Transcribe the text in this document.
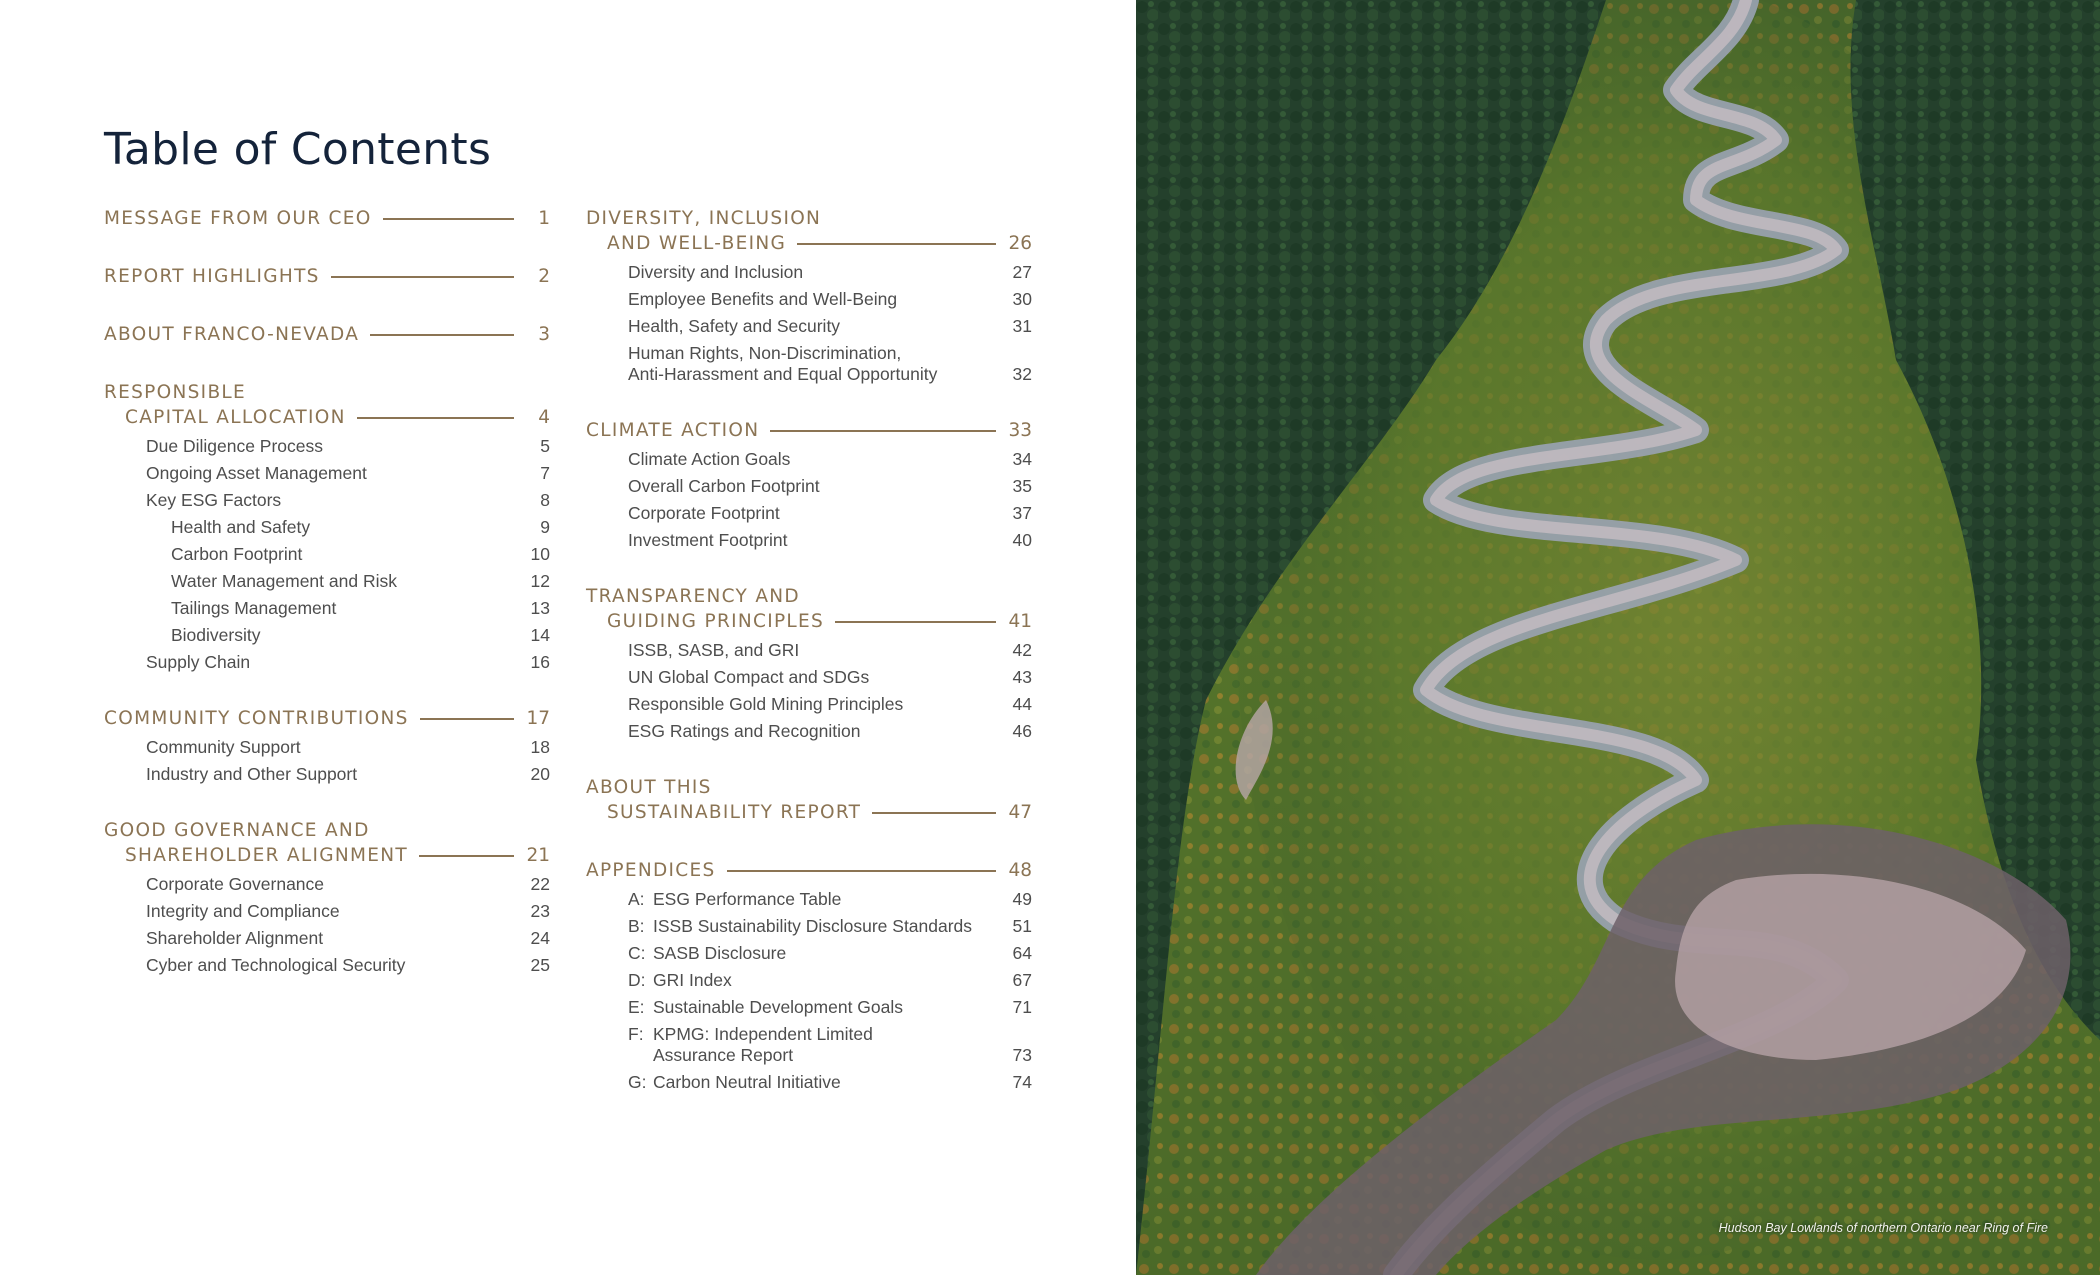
Table of Contents
MESSAGE FROM OUR CEO	1
REPORT HIGHLIGHTS	2
ABOUT FRANCO-NEVADA	3
RESPONSIBLE
CAPITAL ALLOCATION	4
Due Diligence Process	5
Ongoing Asset Management	7
Key ESG Factors	8
Health and Safety	9
Carbon Footprint	10
Water Management and Risk	12
Tailings Management	13
Biodiversity	14
Supply Chain	16
COMMUNITY CONTRIBUTIONS	17
Community Support	18
Industry and Other Support	20
GOOD GOVERNANCE AND
SHAREHOLDER ALIGNMENT	21
Corporate Governance	22
Integrity and Compliance	23
Shareholder Alignment	24
Cyber and Technological Security	25
DIVERSITY, INCLUSION
AND WELL-BEING	26
Diversity and Inclusion	27
Employee Benefits and Well-Being	30
Health, Safety and Security	31
Human Rights, Non-Discrimination,
Anti-Harassment and Equal Opportunity	32
CLIMATE ACTION	33
Climate Action Goals	34
Overall Carbon Footprint	35
Corporate Footprint	37
Investment Footprint	40
TRANSPARENCY AND
GUIDING PRINCIPLES	41
ISSB, SASB, and GRI	42
UN Global Compact and SDGs	43
Responsible Gold Mining Principles	44
ESG Ratings and Recognition	46
ABOUT THIS
SUSTAINABILITY REPORT	47
APPENDICES	48
A: ESG Performance Table	49
B: ISSB Sustainability Disclosure Standards	51
C: SASB Disclosure	64
D: GRI Index	67
E: Sustainable Development Goals	71
F: KPMG: Independent Limited
Assurance Report	73
G: Carbon Neutral Initiative	74
Hudson Bay Lowlands of northern Ontario near Ring of Fire
